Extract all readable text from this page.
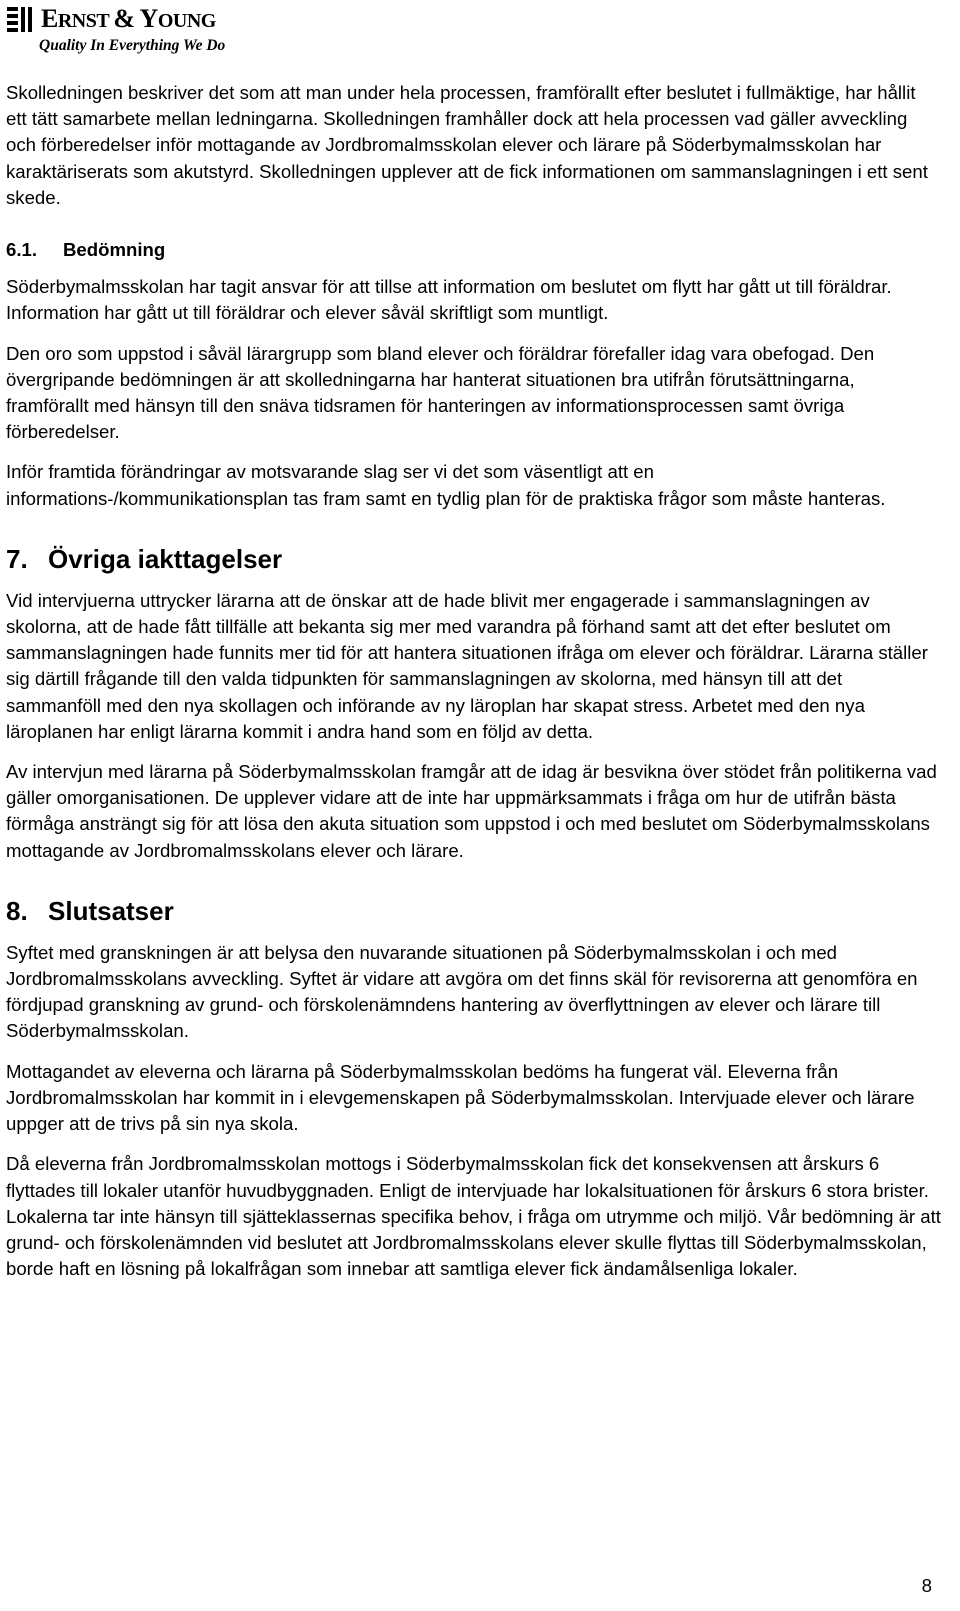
ERNST & YOUNG
Quality In Everything We Do

Skolledningen beskriver det som att man under hela processen, framförallt efter beslutet i fullmäktige, har hållit ett tätt samarbete mellan ledningarna. Skolledningen framhåller dock att hela processen vad gäller avveckling och förberedelser inför mottagande av Jordbromalmsskolan elever och lärare på Söderbymalmsskolan har karaktäriserats som akutstyrd. Skolledningen upplever att de fick informationen om sammanslagningen i ett sent skede.

6.1. Bedömning

Söderbymalmsskolan har tagit ansvar för att tillse att information om beslutet om flytt har gått ut till föräldrar. Information har gått ut till föräldrar och elever såväl skriftligt som muntligt.

Den oro som uppstod i såväl lärargrupp som bland elever och föräldrar förefaller idag vara obefogad. Den övergripande bedömningen är att skolledningarna har hanterat situationen bra utifrån förutsättningarna, framförallt med hänsyn till den snäva tidsramen för hanteringen av informationsprocessen samt övriga förberedelser.

Inför framtida förändringar av motsvarande slag ser vi det som väsentligt att en informations-/kommunikationsplan tas fram samt en tydlig plan för de praktiska frågor som måste hanteras.

7. Övriga iakttagelser

Vid intervjuerna uttrycker lärarna att de önskar att de hade blivit mer engagerade i sammanslagningen av skolorna, att de hade fått tillfälle att bekanta sig mer med varandra på förhand samt att det efter beslutet om sammanslagningen hade funnits mer tid för att hantera situationen ifråga om elever och föräldrar. Lärarna ställer sig därtill frågande till den valda tidpunkten för sammanslagningen av skolorna, med hänsyn till att det sammanföll med den nya skollagen och införande av ny läroplan har skapat stress. Arbetet med den nya läroplanen har enligt lärarna kommit i andra hand som en följd av detta.

Av intervjun med lärarna på Söderbymalmsskolan framgår att de idag är besvikna över stödet från politikerna vad gäller omorganisationen. De upplever vidare att de inte har uppmärksammats i fråga om hur de utifrån bästa förmåga ansträngt sig för att lösa den akuta situation som uppstod i och med beslutet om Söderbymalmsskolans mottagande av Jordbromalmsskolans elever och lärare.

8. Slutsatser

Syftet med granskningen är att belysa den nuvarande situationen på Söderbymalmsskolan i och med Jordbromalmsskolans avveckling. Syftet är vidare att avgöra om det finns skäl för revisorerna att genomföra en fördjupad granskning av grund- och förskolenämndens hantering av överflyttningen av elever och lärare till Söderbymalmsskolan.

Mottagandet av eleverna och lärarna på Söderbymalmsskolan bedöms ha fungerat väl. Eleverna från Jordbromalmsskolan har kommit in i elevgemenskapen på Söderbymalmsskolan. Intervjuade elever och lärare uppger att de trivs på sin nya skola.

Då eleverna från Jordbromalmsskolan mottogs i Söderbymalmsskolan fick det konsekvensen att årskurs 6 flyttades till lokaler utanför huvudbyggnaden. Enligt de intervjuade har lokalsituationen för årskurs 6 stora brister. Lokalerna tar inte hänsyn till sjätteklassernas specifika behov, i fråga om utrymme och miljö. Vår bedömning är att grund- och förskolenämnden vid beslutet att Jordbromalmsskolans elever skulle flyttas till Söderbymalmsskolan, borde haft en lösning på lokalfrågan som innebar att samtliga elever fick ändamålsenliga lokaler.

8
